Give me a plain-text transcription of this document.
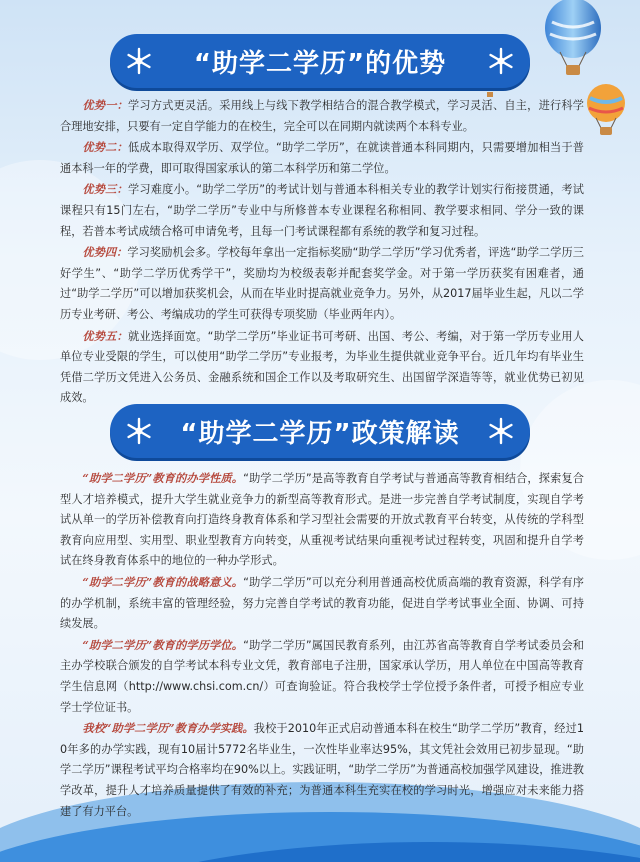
“助学二学历”的优势

优势一：学习方式更灵活。采用线上与线下教学相结合的混合教学模式，学习灵活、自主，进行科学合理地安排，只要有一定自学能力的在校生，完全可以在同期内就读两个本科专业。

优势二：低成本取得双学历、双学位。“助学二学历”，在就读普通本科同期内，只需要增加相当于普通本科一年的学费，即可取得国家承认的第二本科学历和第二学位。

优势三：学习难度小。“助学二学历”的考试计划与普通本科相关专业的教学计划实行衔接贯通，考试课程只有15门左右，“助学二学历”专业中与所修普本专业课程名称相同、教学要求相同、学分一致的课程，若普本考试成绩合格可申请免考，且每一门考试课程都有系统的教学和复习过程。

优势四：学习奖励机会多。学校每年拿出一定指标奖励“助学二学历”学习优秀者，评选“助学二学历三好学生”、“助学二学历优秀学干”，奖励均为校级表彰并配套奖学金。对于第一学历获奖有困难者，通过“助学二学历”可以增加获奖机会，从而在毕业时提高就业竞争力。另外，从2017届毕业生起，凡以二学历专业考研、考公、考编成功的学生可获得专项奖励（毕业两年内）。

优势五：就业选择面宽。“助学二学历”毕业证书可考研、出国、考公、考编，对于第一学历专业用人单位专业受限的学生，可以使用“助学二学历”专业报考，为毕业生提供就业竞争平台。近几年均有毕业生凭借二学历文凭进入公务员、金融系统和国企工作以及考取研究生、出国留学深造等等，就业优势已初见成效。

“助学二学历”政策解读

“助学二学历”教育的办学性质。“助学二学历”是高等教育自学考试与普通高等教育相结合，探索复合型人才培养模式，提升大学生就业竞争力的新型高等教育形式。是进一步完善自学考试制度，实现自学考试从单一的学历补偿教育向打造终身教育体系和学习型社会需要的开放式教育平台转变，从传统的学科型教育向应用型、实用型、职业型教育方向转变，从重视考试结果向重视考试过程转变，巩固和提升自学考试在终身教育体系中的地位的一种办学形式。

“助学二学历”教育的战略意义。“助学二学历”可以充分利用普通高校优质高端的教育资源，科学有序的办学机制，系统丰富的管理经验，努力完善自学考试的教育功能，促进自学考试事业全面、协调、可持续发展。

“助学二学历”教育的学历学位。“助学二学历”属国民教育系列，由江苏省高等教育自学考试委员会和主办学校联合颁发的自学考试本科专业文凭，教育部电子注册，国家承认学历，用人单位在中国高等教育学生信息网（http://www.chsi.com.cn/）可查询验证。符合我校学士学位授予条件者，可授予相应专业学士学位证书。

我校“助学二学历”教育办学实践。我校于2010年正式启动普通本科在校生“助学二学历”教育，经过10年多的办学实践，现有10届计5772名毕业生，一次性毕业率达95%，其文凭社会效用已初步显现。“助学二学历”课程考试平均合格率均在90%以上。实践证明，“助学二学历”为普通高校加强学风建设，推进教学改革，提升人才培养质量提供了有效的补充；为普通本科生充实在校的学习时光，增强应对未来能力搭建了有力平台。
